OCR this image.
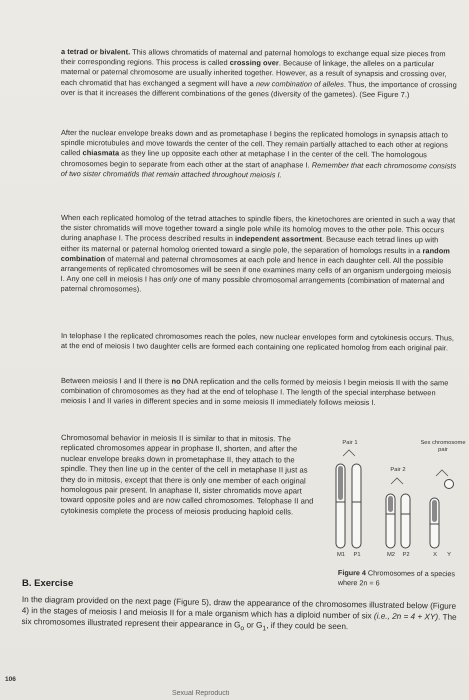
a tetrad or bivalent. This allows chromatids of maternal and paternal homologs to exchange equal size pieces from their corresponding regions. This process is called crossing over. Because of linkage, the alleles on a particular maternal or paternal chromosome are usually inherited together. However, as a result of synapsis and crossing over, each chromatid that has exchanged a segment will have a new combination of alleles. Thus, the importance of crossing over is that it increases the different combinations of the genes (diversity of the gametes). (See Figure 7.)
After the nuclear envelope breaks down and as prometaphase I begins the replicated homologs in synapsis attach to spindle microtubules and move towards the center of the cell. They remain partially attached to each other at regions called chiasmata as they line up opposite each other at metaphase I in the center of the cell. The homologous chromosomes begin to separate from each other at the start of anaphase I. Remember that each chromosome consists of two sister chromatids that remain attached throughout meiosis I.
When each replicated homolog of the tetrad attaches to spindle fibers, the kinetochores are oriented in such a way that the sister chromatids will move together toward a single pole while its homolog moves to the other pole. This occurs during anaphase I. The process described results in independent assortment. Because each tetrad lines up with either its maternal or paternal homolog oriented toward a single pole, the separation of homologs results in a random combination of maternal and paternal chromosomes at each pole and hence in each daughter cell. All the possible arrangements of replicated chromosomes will be seen if one examines many cells of an organism undergoing meiosis I. Any one cell in meiosis I has only one of many possible chromosomal arrangements (combination of maternal and paternal chromosomes).
In telophase I the replicated chromosomes reach the poles, new nuclear envelopes form and cytokinesis occurs. Thus, at the end of meiosis I two daughter cells are formed each containing one replicated homolog from each original pair.
Between meiosis I and II there is no DNA replication and the cells formed by meiosis I begin meiosis II with the same combination of chromosomes as they had at the end of telophase I. The length of the special interphase between meiosis I and II varies in different species and in some meiosis II immediately follows meiosis I.
Chromosomal behavior in meiosis II is similar to that in mitosis. The replicated chromosomes appear in prophase II, shorten, and after the nuclear envelope breaks down in prometaphase II, they attach to the spindle. They then line up in the center of the cell in metaphase II just as they do in mitosis, except that there is only one member of each original homologous pair present. In anaphase II, sister chromatids move apart toward opposite poles and are now called chromosomes. Telophase II and cytokinesis complete the process of meiosis producing haploid cells.
Pair 1
Pair 2
Sex chromosome pair
M1	P1	M2	P2	X	Y
Figure 4 Chromosomes of a species where 2n = 6
B. Exercise
In the diagram provided on the next page (Figure 5), draw the appearance of the chromosomes illustrated below (Figure 4) in the stages of meiosis I and meiosis II for a male organism which has a diploid number of six (i.e., 2n = 4 + XY). The six chromosomes illustrated represent their appearance in $G_o$ or $G_1$, if they could be seen.
106
Sexual Reproducti
